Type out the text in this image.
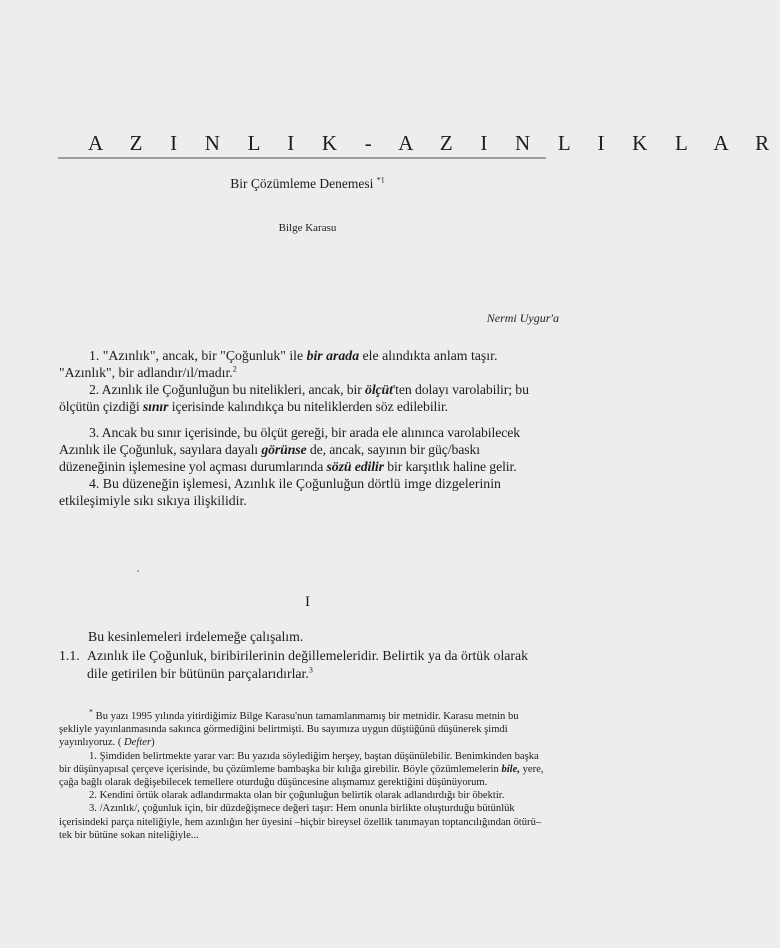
A Z I N L I K - A Z I N L I K L A R
Bir Çözümleme Denemesi $^{*1}$
Bilge Karasu
Nermi Uygur'a

1. "Azınlık", ancak, bir "Çoğunluk" ile bir arada ele alındıkta anlam taşır. "Azınlık", bir adlandır/ıl/madır.$^2$

2. Azınlık ile Çoğunluğun bu nitelikleri, ancak, bir ölçüt'ten dolayı varolabilir; bu ölçütün çizdiği sınır içerisinde kalındıkça bu niteliklerden söz edilebilir.

3. Ancak bu sınır içerisinde, bu ölçüt gereği, bir arada ele alınınca varolabilecek Azınlık ile Çoğunluk, sayılara dayalı görünse de, ancak, sayının bir güç/baskı düzeneğinin işlemesine yol açması durumlarında sözü edilir bir karşıtlık haline gelir.

4. Bu düzeneğin işlemesi, Azınlık ile Çoğunluğun dörtlü imge dizgelerinin etkileşimiyle sıkı sıkıya ilişkilidir.

I
Bu kesinlemeleri irdelemeğe çalışalım.
1.1. Azınlık ile Çoğunluk, biribirilerinin değillemeleridir. Belirtik ya da örtük olarak dile getirilen bir bütünün parçalarıdırlar.$^3$

* Bu yazı 1995 yılında yitirdiğimiz Bilge Karasu'nun tamamlanmamış bir metnidir. Karasu metnin bu şekliyle yayınlanmasında sakınca görmediğini belirtmişti. Bu sayımıza uygun düştüğünü düşünerek şimdi yayınlıyoruz. ( Defter)

1. Şimdiden belirtmekte yarar var: Bu yazıda söylediğim herşey, baştan düşünülebilir. Benimkinden başka bir düşünyapısal çerçeve içerisinde, bu çözümleme bambaşka bir kılığa girebilir. Böyle çözümlemelerin bile, yere, çağa bağlı olarak değişebilecek temellere oturduğu düşüncesine alışmamız gerektiğini düşünüyorum.

2. Kendini örtük olarak adlandırmakta olan bir çoğunluğun belirtik olarak adlandırdığı bir öbektir.

3. /Azınlık/, çoğunluk için, bir düzdeğişmece değeri taşır: Hem onunla birlikte oluşturduğu bütünlük içerisindeki parça niteliğiyle, hem azınlığın her üyesini –hiçbir bireysel özellik tanımayan toptancılığından ötürü– tek bir bütüne sokan niteliğiyle...
